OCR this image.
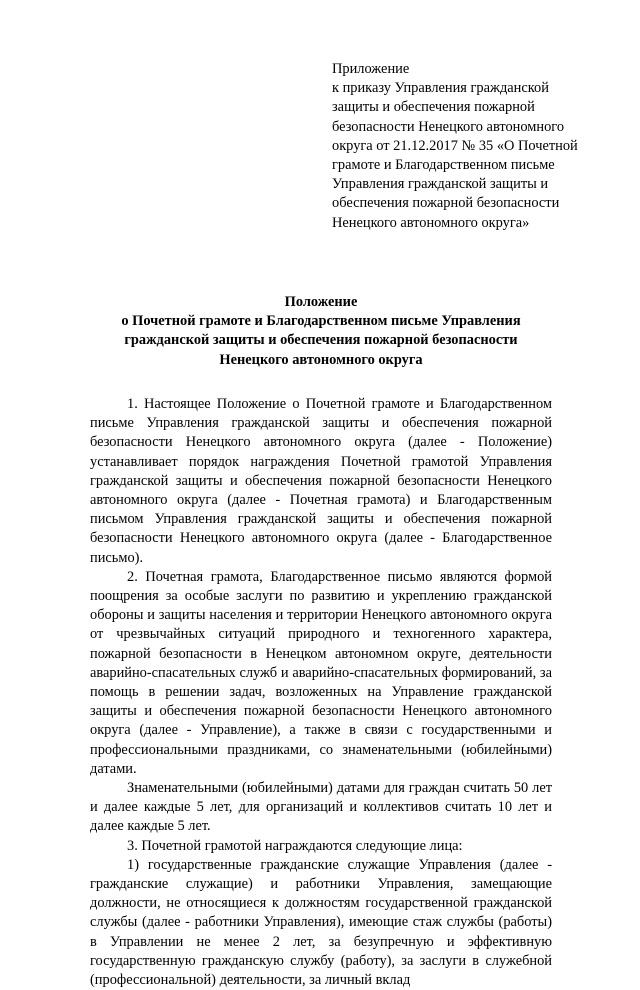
Приложение
к приказу Управления гражданской
защиты и обеспечения пожарной
безопасности Ненецкого автономного
округа от 21.12.2017 № 35 «О Почетной
грамоте и Благодарственном письме
Управления гражданской защиты и
обеспечения пожарной безопасности
Ненецкого автономного округа»
Положение
о Почетной грамоте и Благодарственном письме Управления
гражданской защиты и обеспечения пожарной безопасности
Ненецкого автономного округа

1. Настоящее Положение о Почетной грамоте и Благодарственном письме Управления гражданской защиты и обеспечения пожарной безопасности Ненецкого автономного округа (далее - Положение) устанавливает порядок награждения Почетной грамотой Управления гражданской защиты и обеспечения пожарной безопасности Ненецкого автономного округа (далее - Почетная грамота) и Благодарственным письмом Управления гражданской защиты и обеспечения пожарной безопасности Ненецкого автономного округа (далее - Благодарственное письмо).

2. Почетная грамота, Благодарственное письмо являются формой поощрения за особые заслуги по развитию и укреплению гражданской обороны и защиты населения и территории Ненецкого автономного округа от чрезвычайных ситуаций природного и техногенного характера, пожарной безопасности в Ненецком автономном округе, деятельности аварийно-спасательных служб и аварийно-спасательных формирований, за помощь в решении задач, возложенных на Управление гражданской защиты и обеспечения пожарной безопасности Ненецкого автономного округа (далее - Управление), а также в связи с государственными и профессиональными праздниками, со знаменательными (юбилейными) датами.

Знаменательными (юбилейными) датами для граждан считать 50 лет и далее каждые 5 лет, для организаций и коллективов считать 10 лет и далее каждые 5 лет.

3. Почетной грамотой награждаются следующие лица:

1) государственные гражданские служащие Управления (далее - гражданские служащие) и работники Управления, замещающие должности, не относящиеся к должностям государственной гражданской службы (далее - работники Управления), имеющие стаж службы (работы) в Управлении не менее 2 лет, за безупречную и эффективную государственную гражданскую службу (работу), за заслуги в служебной (профессиональной) деятельности, за личный вклад
